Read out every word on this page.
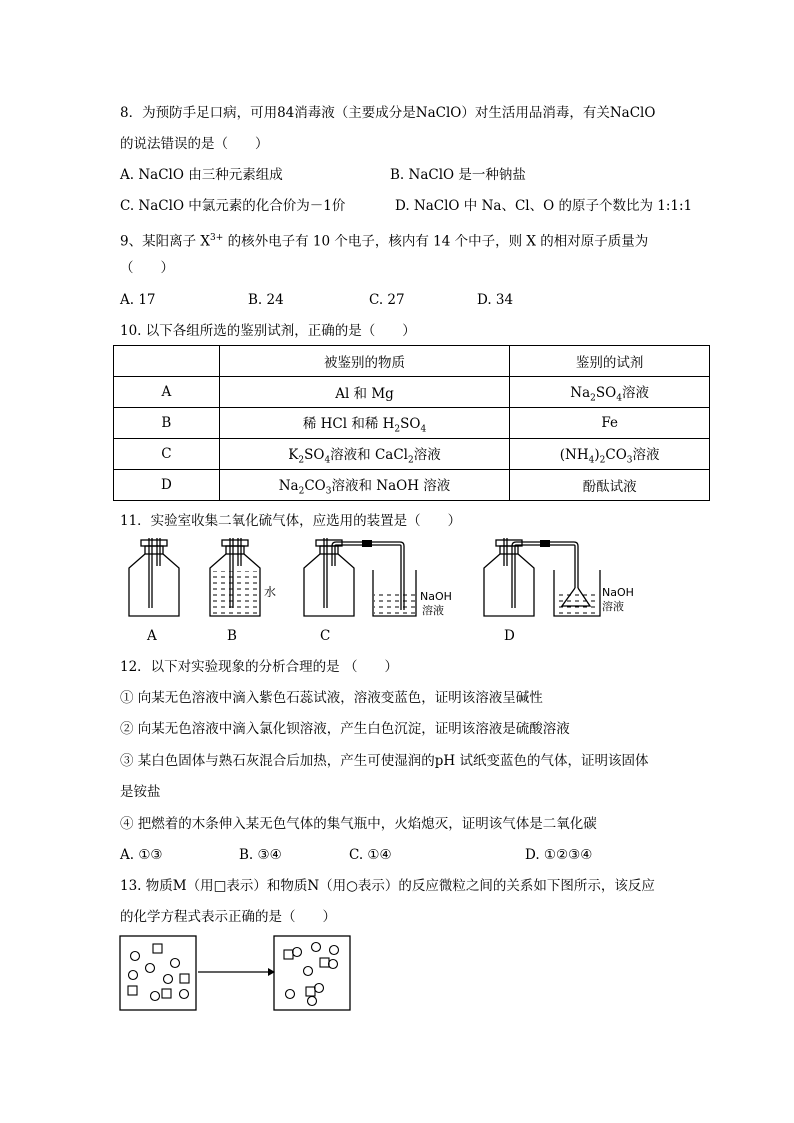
8．为预防手足口病，可用84消毒液（主要成分是NaClO）对生活用品消毒，有关NaClO
的说法错误的是（　　）
A. NaClO 由三种元素组成	B. NaClO 是一种钠盐
C. NaClO 中氯元素的化合价为－1价	D. NaClO 中 Na、Cl、O 的原子个数比为 1:1:1
9、某阳离子 $X^{3+}$ 的核外电子有 10 个电子，核内有 14 个中子，则 X 的相对原子质量为
（　　）
A. 17	B. 24	C. 27	D. 34
10. 以下各组所选的鉴别试剂，正确的是（　　）
	被鉴别的物质	鉴别的试剂
A	Al 和 Mg	$Na_2SO_4$溶液
B	稀 HCl 和稀 $H_2SO_4$	Fe
C	$K_2SO_4$溶液和 CaCl$_2$溶液	$(NH_4)_2CO_3$溶液
D	$Na_2CO_3$溶液和 NaOH 溶液	酚酞试液
11．实验室收集二氧化硫气体，应选用的装置是（　　）
水	NaOH
溶液
NaOH
溶液
A	B	C	D
12．以下对实验现象的分析合理的是 （　　）
① 向某无色溶液中滴入紫色石蕊试液，溶液变蓝色，证明该溶液呈碱性
② 向某无色溶液中滴入氯化钡溶液，产生白色沉淀，证明该溶液是硫酸溶液
③ 某白色固体与熟石灰混合后加热，产生可使湿润的pH 试纸变蓝色的气体，证明该固体
是铵盐
④ 把燃着的木条伸入某无色气体的集气瓶中，火焰熄灭，证明该气体是二氧化碳
A. ①③	B. ③④	C. ①④	D. ①②③④
13. 物质M（用□表示）和物质N（用○表示）的反应微粒之间的关系如下图所示，该反应
的化学方程式表示正确的是（　　）
